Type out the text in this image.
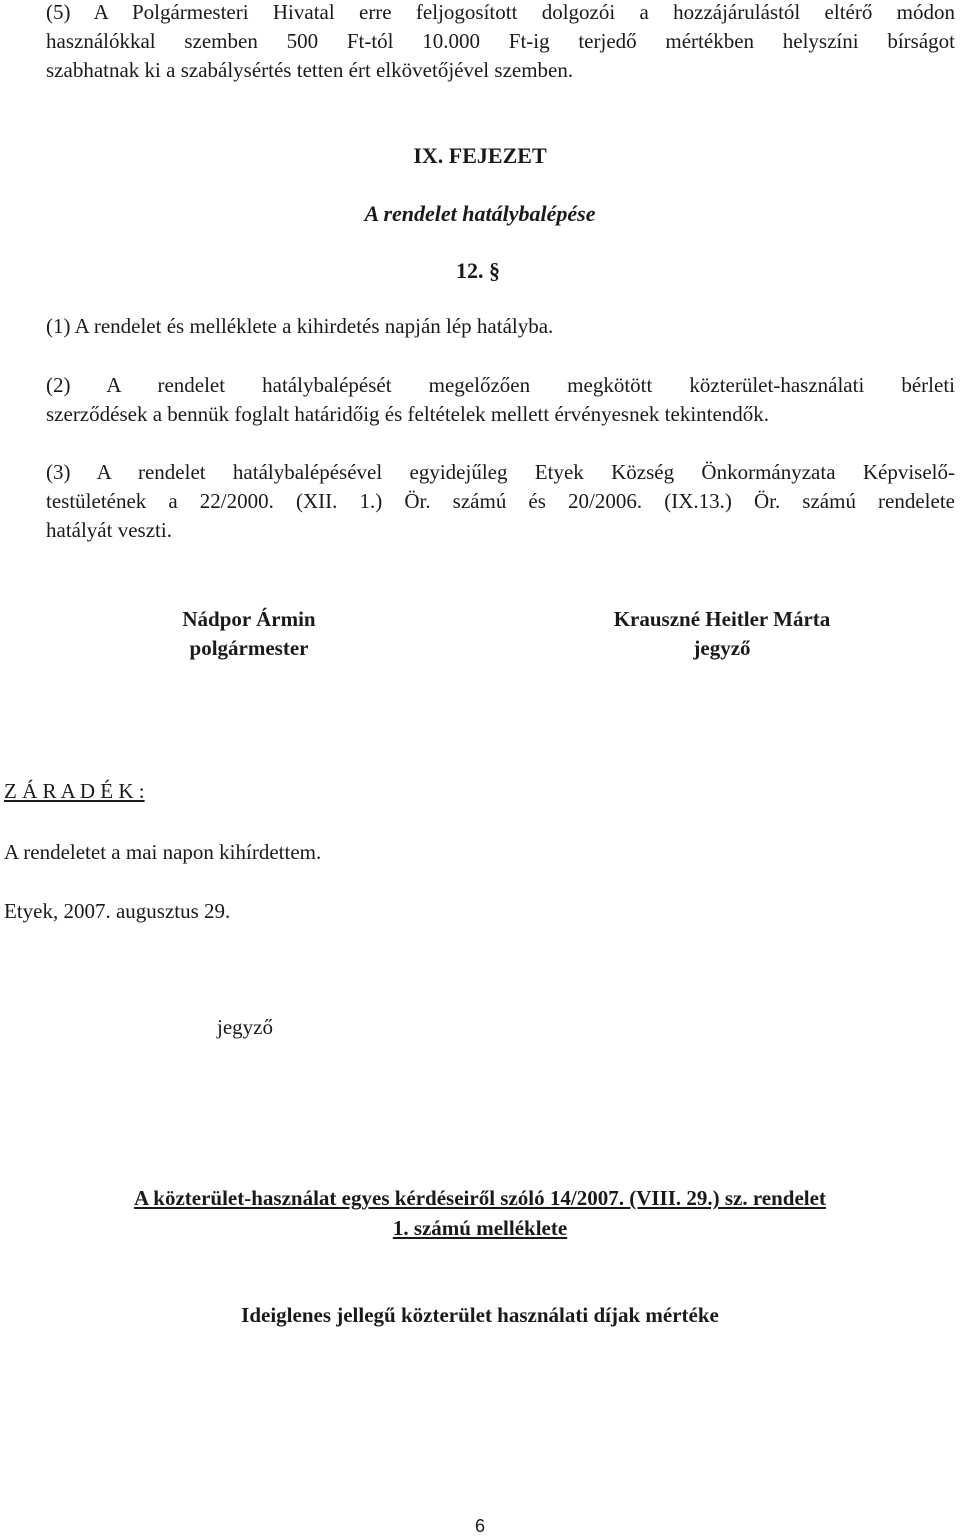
(5) A Polgármesteri Hivatal erre feljogosított dolgozói a hozzájárulástól eltérő módon
használókkal szemben 500 Ft-tól 10.000 Ft-ig terjedő mértékben helyszíni bírságot
szabhatnak ki a szabálysértés tetten ért elkövetőjével szemben.
IX. FEJEZET
A rendelet hatálybalépése
12. §
(1) A rendelet és melléklete a kihirdetés napján lép hatályba.
(2) A rendelet hatálybalépését megelőzően megkötött közterület-használati bérleti
szerződések a bennük foglalt határidőig és feltételek mellett érvényesnek tekintendők.
(3) A rendelet hatálybalépésével egyidejűleg Etyek Község Önkormányzata Képviselő-
testületének a 22/2000. (XII. 1.) Ör. számú és 20/2006. (IX.13.) Ör. számú rendelete
hatályát veszti.
Nádpor Ármin
polgármester
Krauszné Heitler Márta
jegyző
Z Á R A D É K :
A rendeletet a mai napon kihírdettem.
Etyek, 2007. augusztus 29.
jegyző
A közterület-használat egyes kérdéseiről szóló 14/2007. (VIII. 29.) sz. rendelet
1. számú melléklete
Ideiglenes jellegű közterület használati díjak mértéke
6
